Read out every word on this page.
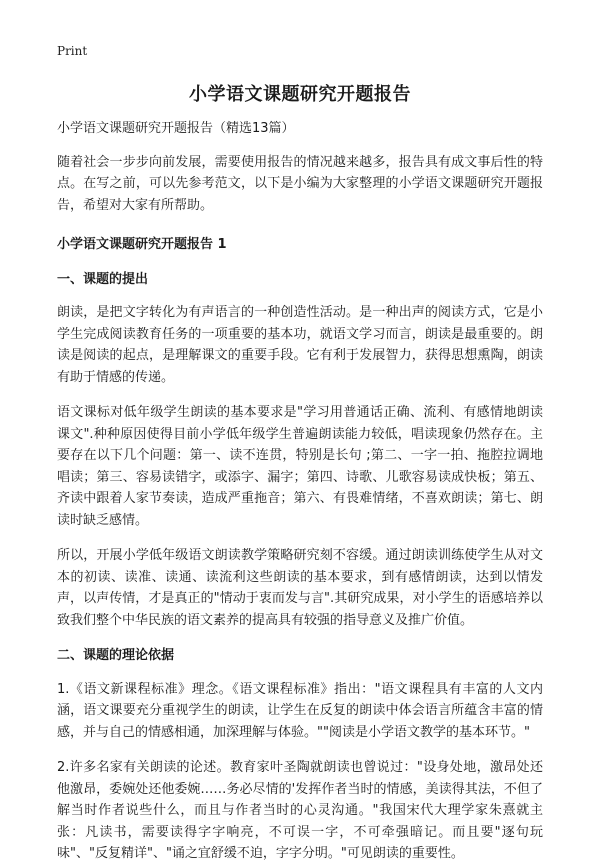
Print
小学语文课题研究开题报告

小学语文课题研究开题报告（精选13篇）

随着社会一步步向前发展，需要使用报告的情况越来越多，报告具有成文事后性的特点。在写之前，可以先参考范文，以下是小编为大家整理的小学语文课题研究开题报告，希望对大家有所帮助。

小学语文课题研究开题报告 1
一、课题的提出

朗读，是把文字转化为有声语言的一种创造性活动。是一种出声的阅读方式，它是小学生完成阅读教育任务的一项重要的基本功，就语文学习而言，朗读是最重要的。朗读是阅读的起点，是理解课文的重要手段。它有利于发展智力，获得思想熏陶，朗读有助于情感的传递。

语文课标对低年级学生朗读的基本要求是"学习用普通话正确、流利、有感情地朗读课文".种种原因使得目前小学低年级学生普遍朗读能力较低，唱读现象仍然存在。主要存在以下几个问题：第一、读不连贯，特别是长句 ;第二、一字一拍、拖腔拉调地唱读；第三、容易读错字，或添字、漏字；第四、诗歌、儿歌容易读成快板；第五、齐读中跟着人家节奏读，造成严重拖音；第六、有畏难情绪，不喜欢朗读；第七、朗读时缺乏感情。

所以，开展小学低年级语文朗读教学策略研究刻不容缓。通过朗读训练使学生从对文本的初读、读准、读通、读流利这些朗读的基本要求，到有感情朗读，达到以情发声，以声传情，才是真正的"情动于衷而发与言".其研究成果，对小学生的语感培养以致我们整个中华民族的语文素养的提高具有较强的指导意义及推广价值。

二、课题的理论依据

1.《语文新课程标准》理念。《语文课程标准》指出："语文课程具有丰富的人文内涵，语文课要充分重视学生的朗读，让学生在反复的朗读中体会语言所蕴含丰富的情感，并与自己的情感相通，加深理解与体验。""阅读是小学语文教学的基本环节。"

2.许多名家有关朗读的论述。教育家叶圣陶就朗读也曾说过："设身处地，激昂处还他激昂，委婉处还他委婉……务必尽情的'发挥作者当时的情感，美读得其法，不但了解当时作者说些什么，而且与作者当时的心灵沟通。"我国宋代大理学家朱熹就主张：凡读书，需要读得字字响亮，不可误一字，不可牵强暗记。而且要"逐句玩味"、"反复精详"、"诵之宜舒缓不迫，字字分明。"可见朗读的重要性。
